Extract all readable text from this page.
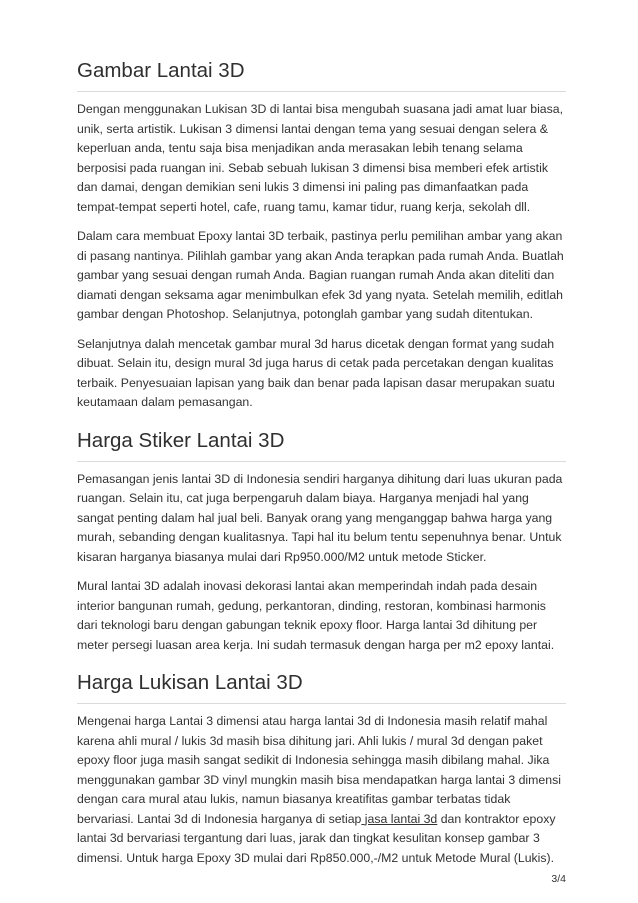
Gambar Lantai 3D

Dengan menggunakan Lukisan 3D di lantai bisa mengubah suasana jadi amat luar biasa, unik, serta artistik. Lukisan 3 dimensi lantai dengan tema yang sesuai dengan selera & keperluan anda, tentu saja bisa menjadikan anda merasakan lebih tenang selama berposisi pada ruangan ini. Sebab sebuah lukisan 3 dimensi bisa memberi efek artistik dan damai, dengan demikian seni lukis 3 dimensi ini paling pas dimanfaatkan pada tempat-tempat seperti hotel, cafe, ruang tamu, kamar tidur, ruang kerja, sekolah dll.

Dalam cara membuat Epoxy lantai 3D terbaik, pastinya perlu pemilihan ambar yang akan di pasang nantinya. Pilihlah gambar yang akan Anda terapkan pada rumah Anda. Buatlah gambar yang sesuai dengan rumah Anda. Bagian ruangan rumah Anda akan diteliti dan diamati dengan seksama agar menimbulkan efek 3d yang nyata. Setelah memilih, editlah gambar dengan Photoshop. Selanjutnya, potonglah gambar yang sudah ditentukan.

Selanjutnya dalah mencetak gambar mural 3d harus dicetak dengan format yang sudah dibuat. Selain itu, design mural 3d juga harus di cetak pada percetakan dengan kualitas terbaik. Penyesuaian lapisan yang baik dan benar pada lapisan dasar merupakan suatu keutamaan dalam pemasangan.

Harga Stiker Lantai 3D

Pemasangan jenis lantai 3D di Indonesia sendiri harganya dihitung dari luas ukuran pada ruangan. Selain itu, cat juga berpengaruh dalam biaya. Harganya menjadi hal yang sangat penting dalam hal jual beli. Banyak orang yang menganggap bahwa harga yang murah, sebanding dengan kualitasnya. Tapi hal itu belum tentu sepenuhnya benar. Untuk kisaran harganya biasanya mulai dari Rp950.000/M2 untuk metode Sticker.

Mural lantai 3D adalah inovasi dekorasi lantai akan memperindah indah pada desain interior bangunan rumah, gedung, perkantoran, dinding, restoran, kombinasi harmonis dari teknologi baru dengan gabungan teknik epoxy floor. Harga lantai 3d dihitung per meter persegi luasan area kerja. Ini sudah termasuk dengan harga per m2 epoxy lantai.

Harga Lukisan Lantai 3D

Mengenai harga Lantai 3 dimensi atau harga lantai 3d di Indonesia masih relatif mahal karena ahli mural / lukis 3d masih bisa dihitung jari. Ahli lukis / mural 3d dengan paket epoxy floor juga masih sangat sedikit di Indonesia sehingga masih dibilang mahal. Jika menggunakan gambar 3D vinyl mungkin masih bisa mendapatkan harga lantai 3 dimensi dengan cara mural atau lukis, namun biasanya kreatifitas gambar terbatas tidak bervariasi. Lantai 3d di Indonesia harganya di setiap jasa lantai 3d dan kontraktor epoxy lantai 3d bervariasi tergantung dari luas, jarak dan tingkat kesulitan konsep gambar 3 dimensi. Untuk harga Epoxy 3D mulai dari Rp850.000,-/M2 untuk Metode Mural (Lukis).

3/4
